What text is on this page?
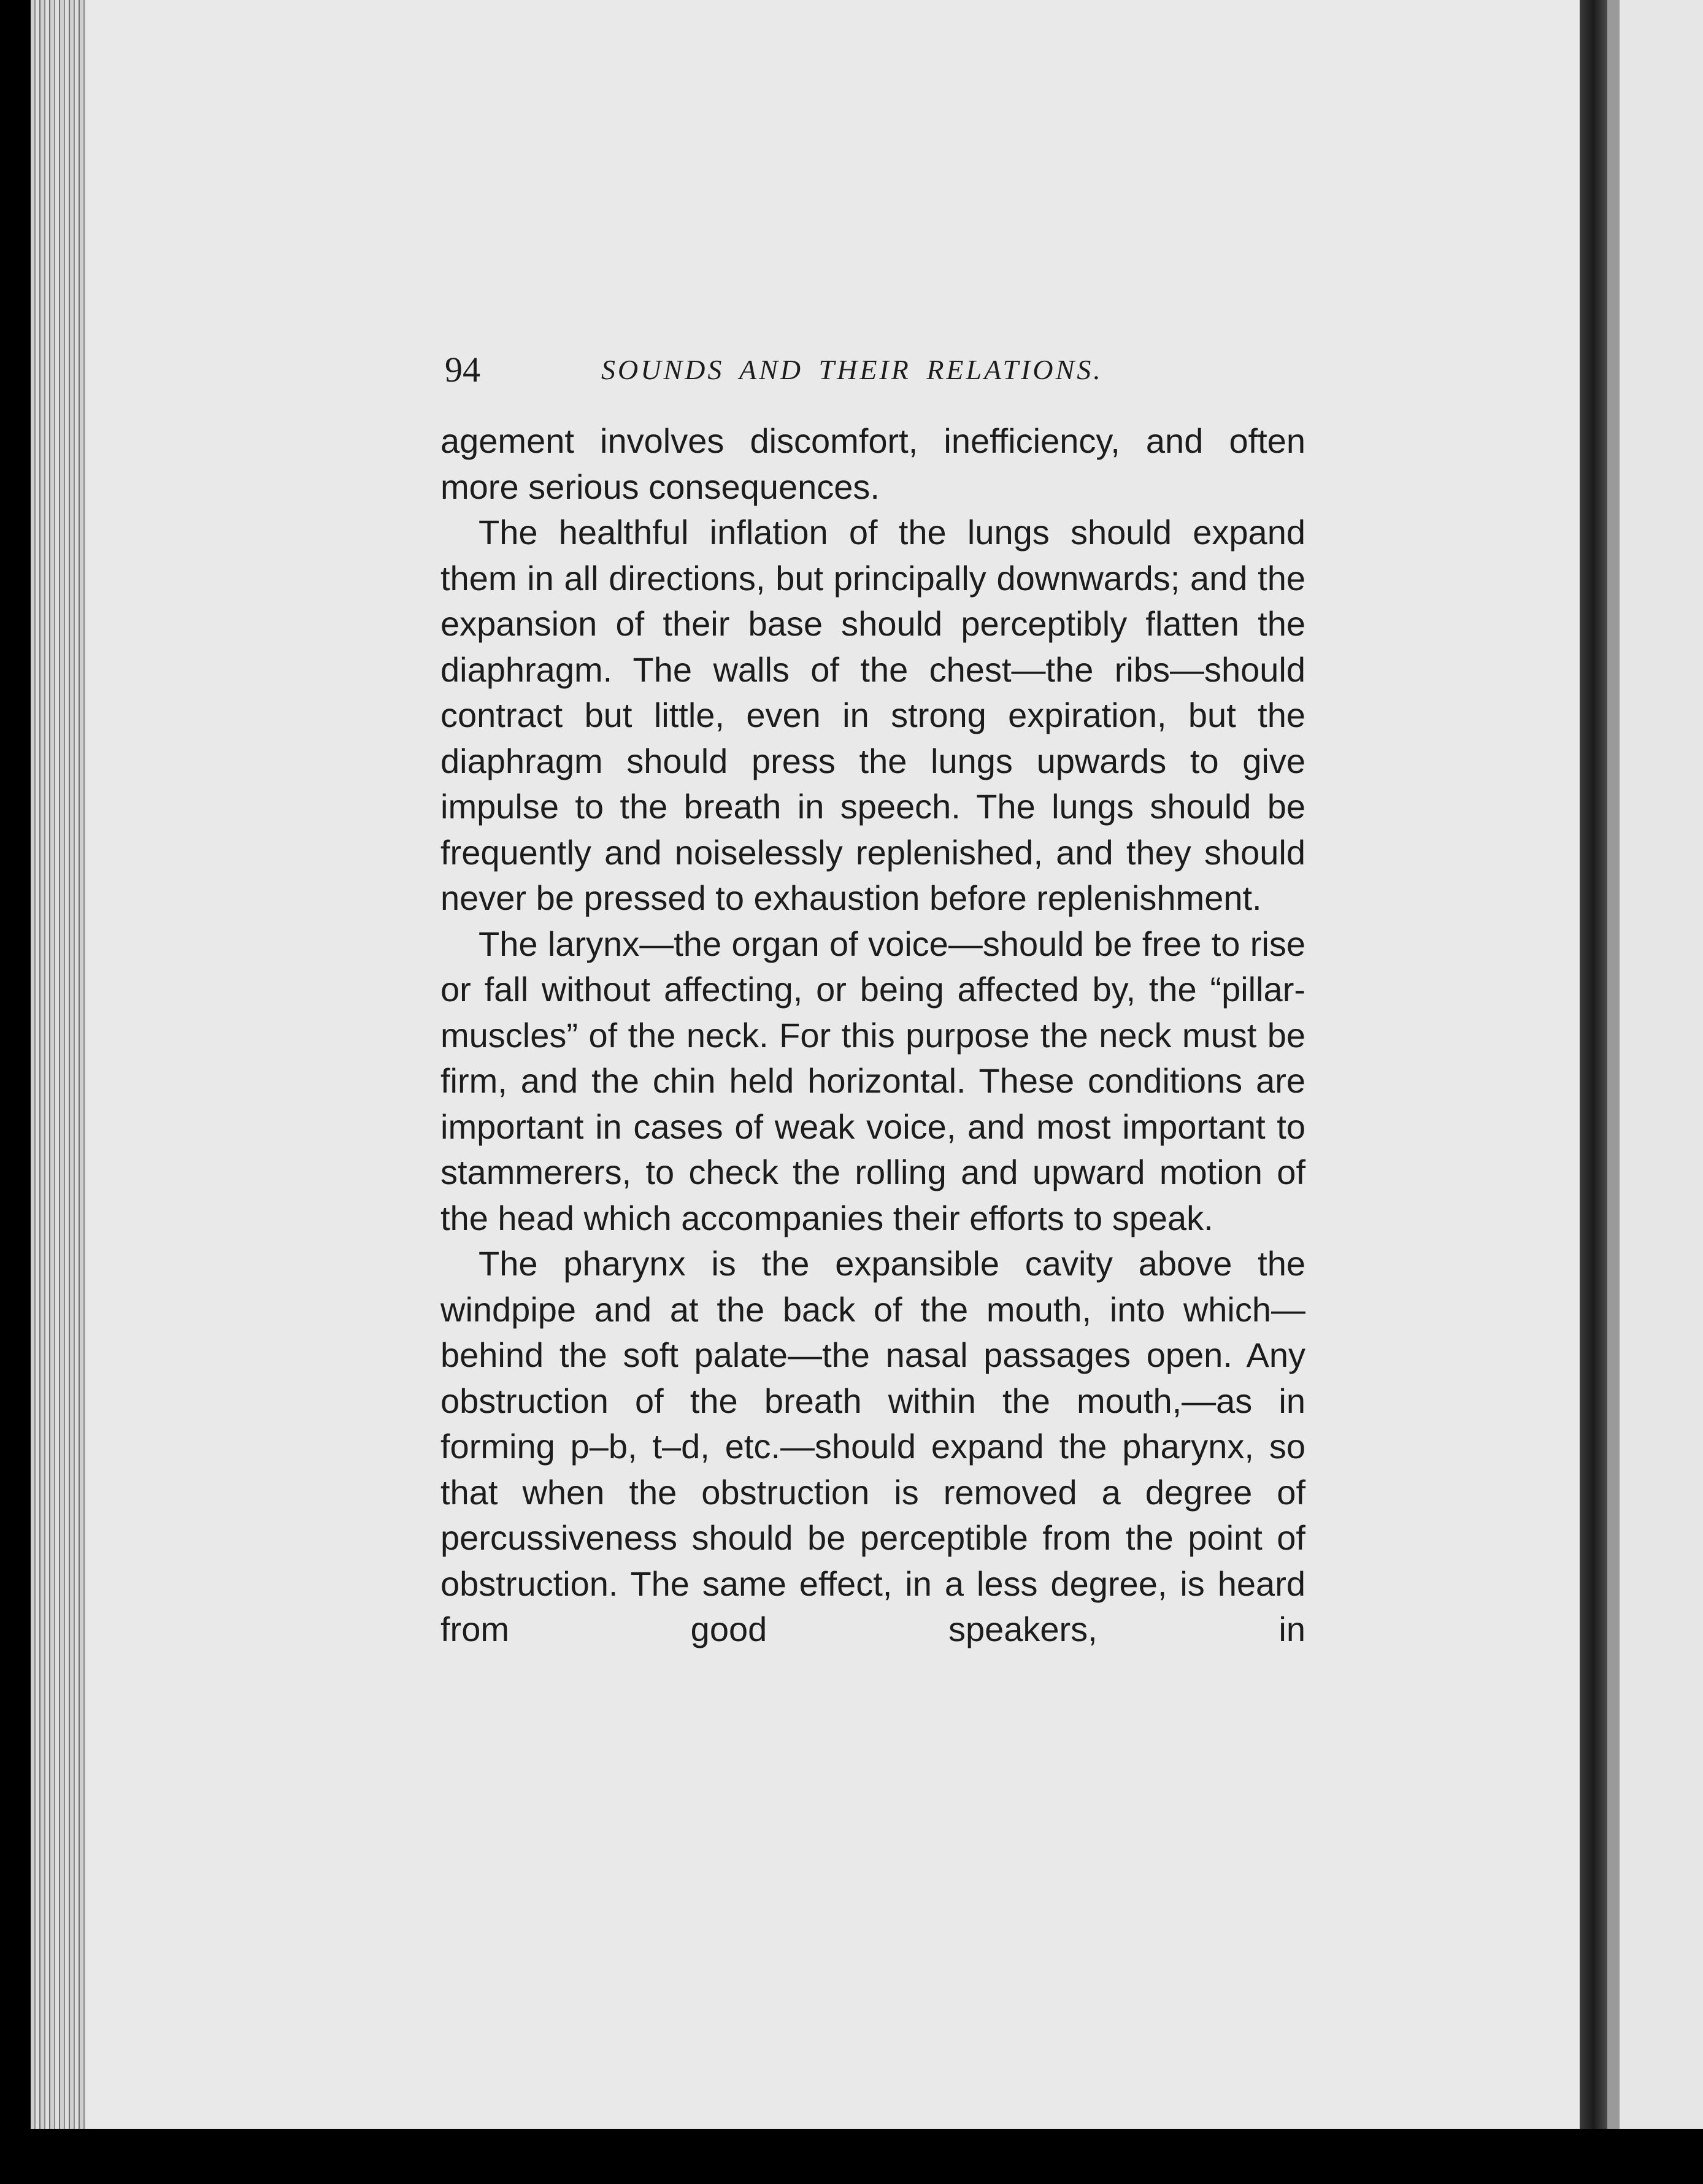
94	SOUNDS AND THEIR RELATIONS.

agement involves discomfort, inefficiency, and often more serious consequences.

The healthful inflation of the lungs should expand them in all directions, but principally downwards; and the expansion of their base should perceptibly flatten the diaphragm. The walls of the chest—the ribs—should contract but little, even in strong expiration, but the diaphragm should press the lungs upwards to give impulse to the breath in speech. The lungs should be frequently and noiselessly replenished, and they should never be pressed to exhaustion before replenishment.

The larynx—the organ of voice—should be free to rise or fall without affecting, or being affected by, the “pillar-muscles” of the neck. For this purpose the neck must be firm, and the chin held horizontal. These conditions are important in cases of weak voice, and most important to stammerers, to check the rolling and upward motion of the head which accompanies their efforts to speak.

The pharynx is the expansible cavity above the windpipe and at the back of the mouth, into which—behind the soft palate—the nasal passages open. Any obstruction of the breath within the mouth,—as in forming p–b, t–d, etc.—should expand the pharynx, so that when the obstruction is removed a degree of percussiveness should be perceptible from the point of obstruction. The same effect, in a less degree, is heard from good speakers, in
